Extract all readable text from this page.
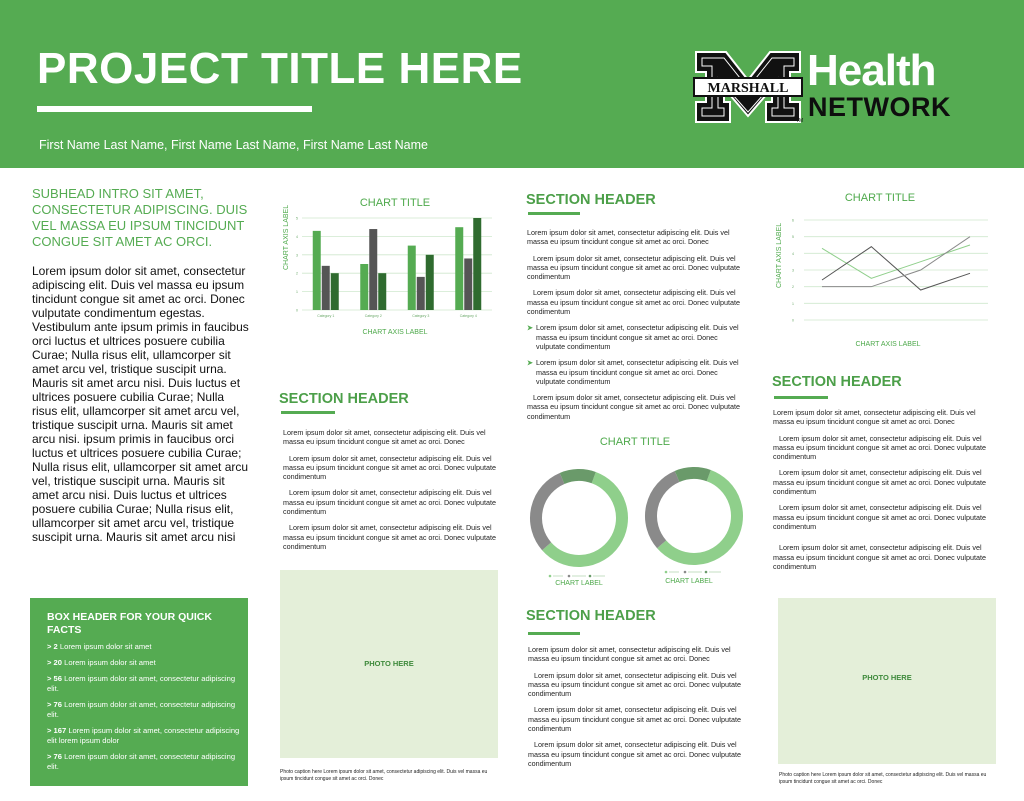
PROJECT TITLE HERE
First Name Last Name, First Name Last Name, First Name Last Name
MARSHALL
TM
Health
NETWORK
SUBHEAD INTRO SIT AMET, CONSECTETUR ADIPISCING. DUIS VEL MASSA EU IPSUM TINCIDUNT CONGUE SIT AMET AC ORCI.
Lorem ipsum dolor sit amet, consectetur adipiscing elit. Duis vel massa eu ipsum tincidunt congue sit amet ac orci. Donec vulputate condimentum egestas. Vestibulum ante ipsum primis in faucibus orci luctus et ultrices posuere cubilia Curae; Nulla risus elit, ullamcorper sit amet arcu vel, tristique suscipit urna. Mauris sit amet arcu nisi. Duis luctus et ultrices posuere cubilia Curae; Nulla risus elit, ullamcorper sit amet arcu vel, tristique suscipit urna. Mauris sit amet arcu nisi. ipsum primis in faucibus orci luctus et ultrices posuere cubilia Curae; Nulla risus elit, ullamcorper sit amet arcu vel, tristique suscipit urna. Mauris sit amet arcu nisi. Duis luctus et ultrices posuere cubilia Curae; Nulla risus elit, ullamcorper sit amet arcu vel, tristique suscipit urna. Mauris sit amet arcu nisi
CHART TITLE
0
1
2
3
4
5
Category 1	Category 2	Category 3	Category 4
CHART AXIS LABEL
CHART AXIS LABEL
SECTION HEADER

Lorem ipsum dolor sit amet, consectetur adipiscing elit. Duis vel massa eu ipsum tincidunt congue sit amet ac orci. Donec

Lorem ipsum dolor sit amet, consectetur adipiscing elit. Duis vel massa eu ipsum tincidunt congue sit amet ac orci. Donec vulputate condimentum

Lorem ipsum dolor sit amet, consectetur adipiscing elit. Duis vel massa eu ipsum tincidunt congue sit amet ac orci. Donec vulputate condimentum

Lorem ipsum dolor sit amet, consectetur adipiscing elit. Duis vel massa eu ipsum tincidunt congue sit amet ac orci. Donec vulputate condimentum

SECTION HEADER

Lorem ipsum dolor sit amet, consectetur adipiscing elit. Duis vel massa eu ipsum tincidunt congue sit amet ac orci. Donec

Lorem ipsum dolor sit amet, consectetur adipiscing elit. Duis vel massa eu ipsum tincidunt congue sit amet ac orci. Donec vulputate condimentum

Lorem ipsum dolor sit amet, consectetur adipiscing elit. Duis vel massa eu ipsum tincidunt congue sit amet ac orci. Donec vulputate condimentum

➤ Lorem ipsum dolor sit amet, consectetur adipiscing elit. Duis vel massa eu ipsum tincidunt congue sit amet ac orci. Donec vulputate condimentum

➤ Lorem ipsum dolor sit amet, consectetur adipiscing elit. Duis vel massa eu ipsum tincidunt congue sit amet ac orci. Donec vulputate condimentum

Lorem ipsum dolor sit amet, consectetur adipiscing elit. Duis vel massa eu ipsum tincidunt congue sit amet ac orci. Donec vulputate condimentum

CHART TITLE
CHART LABEL	CHART LABEL
SECTION HEADER

Lorem ipsum dolor sit amet, consectetur adipiscing elit. Duis vel massa eu ipsum tincidunt congue sit amet ac orci. Donec

Lorem ipsum dolor sit amet, consectetur adipiscing elit. Duis vel massa eu ipsum tincidunt congue sit amet ac orci. Donec vulputate condimentum

Lorem ipsum dolor sit amet, consectetur adipiscing elit. Duis vel massa eu ipsum tincidunt congue sit amet ac orci. Donec vulputate condimentum

Lorem ipsum dolor sit amet, consectetur adipiscing elit. Duis vel massa eu ipsum tincidunt congue sit amet ac orci. Donec vulputate condimentum

CHART TITLE
0
1
2
3
4
5
6
CHART AXIS LABEL
CHART AXIS LABEL
SECTION HEADER

Lorem ipsum dolor sit amet, consectetur adipiscing elit. Duis vel massa eu ipsum tincidunt congue sit amet ac orci. Donec

Lorem ipsum dolor sit amet, consectetur adipiscing elit. Duis vel massa eu ipsum tincidunt congue sit amet ac orci. Donec vulputate condimentum

Lorem ipsum dolor sit amet, consectetur adipiscing elit. Duis vel massa eu ipsum tincidunt congue sit amet ac orci. Donec vulputate condimentum

Lorem ipsum dolor sit amet, consectetur adipiscing elit. Duis vel massa eu ipsum tincidunt congue sit amet ac orci. Donec vulputate condimentum

Lorem ipsum dolor sit amet, consectetur adipiscing elit. Duis vel massa eu ipsum tincidunt congue sit amet ac orci. Donec vulputate condimentum

BOX HEADER FOR YOUR QUICK FACTS
> 2 Lorem ipsum dolor sit amet
> 20 Lorem ipsum dolor sit amet
> 56 Lorem ipsum dolor sit amet, consectetur adipiscing elit.
> 76 Lorem ipsum dolor sit amet, consectetur adipiscing elit.
> 167 Lorem ipsum dolor sit amet, consectetur adipiscing elit lorem ipsum dolor
> 76 Lorem ipsum dolor sit amet, consectetur adipiscing elit.
PHOTO HERE
Photo caption here Lorem ipsum dolor sit amet, consectetur adipiscing elit. Duis vel massa eu ipsum tincidunt congue sit amet ac orci. Donec
PHOTO HERE
Photo caption here Lorem ipsum dolor sit amet, consectetur adipiscing elit. Duis vel massa eu ipsum tincidunt congue sit amet ac orci. Donec
